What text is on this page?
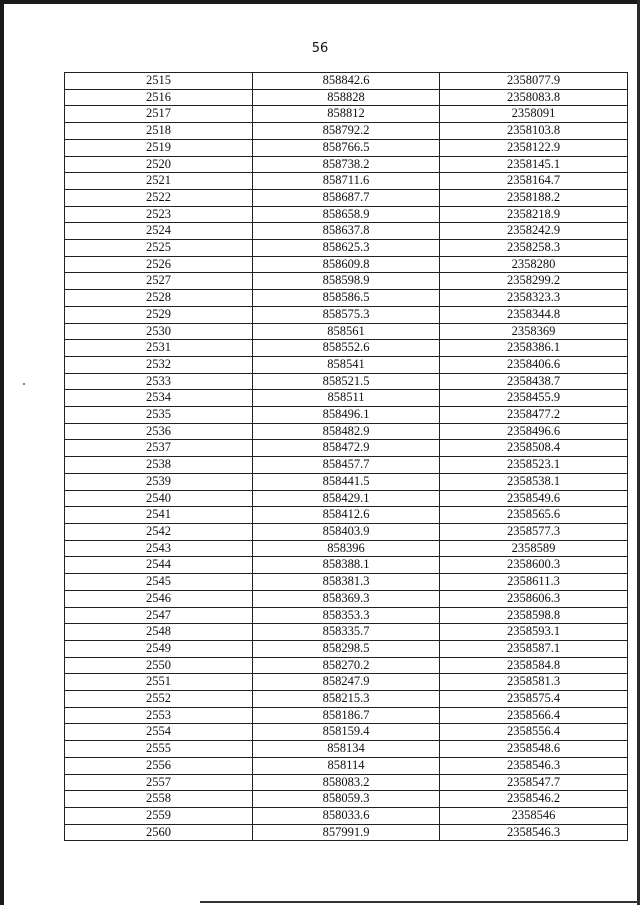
56
2515	858842.6	2358077.9
2516	858828	2358083.8
2517	858812	2358091
2518	858792.2	2358103.8
2519	858766.5	2358122.9
2520	858738.2	2358145.1
2521	858711.6	2358164.7
2522	858687.7	2358188.2
2523	858658.9	2358218.9
2524	858637.8	2358242.9
2525	858625.3	2358258.3
2526	858609.8	2358280
2527	858598.9	2358299.2
2528	858586.5	2358323.3
2529	858575.3	2358344.8
2530	858561	2358369
2531	858552.6	2358386.1
2532	858541	2358406.6
2533	858521.5	2358438.7
2534	858511	2358455.9
2535	858496.1	2358477.2
2536	858482.9	2358496.6
2537	858472.9	2358508.4
2538	858457.7	2358523.1
2539	858441.5	2358538.1
2540	858429.1	2358549.6
2541	858412.6	2358565.6
2542	858403.9	2358577.3
2543	858396	2358589
2544	858388.1	2358600.3
2545	858381.3	2358611.3
2546	858369.3	2358606.3
2547	858353.3	2358598.8
2548	858335.7	2358593.1
2549	858298.5	2358587.1
2550	858270.2	2358584.8
2551	858247.9	2358581.3
2552	858215.3	2358575.4
2553	858186.7	2358566.4
2554	858159.4	2358556.4
2555	858134	2358548.6
2556	858114	2358546.3
2557	858083.2	2358547.7
2558	858059.3	2358546.2
2559	858033.6	2358546
2560	857991.9	2358546.3
